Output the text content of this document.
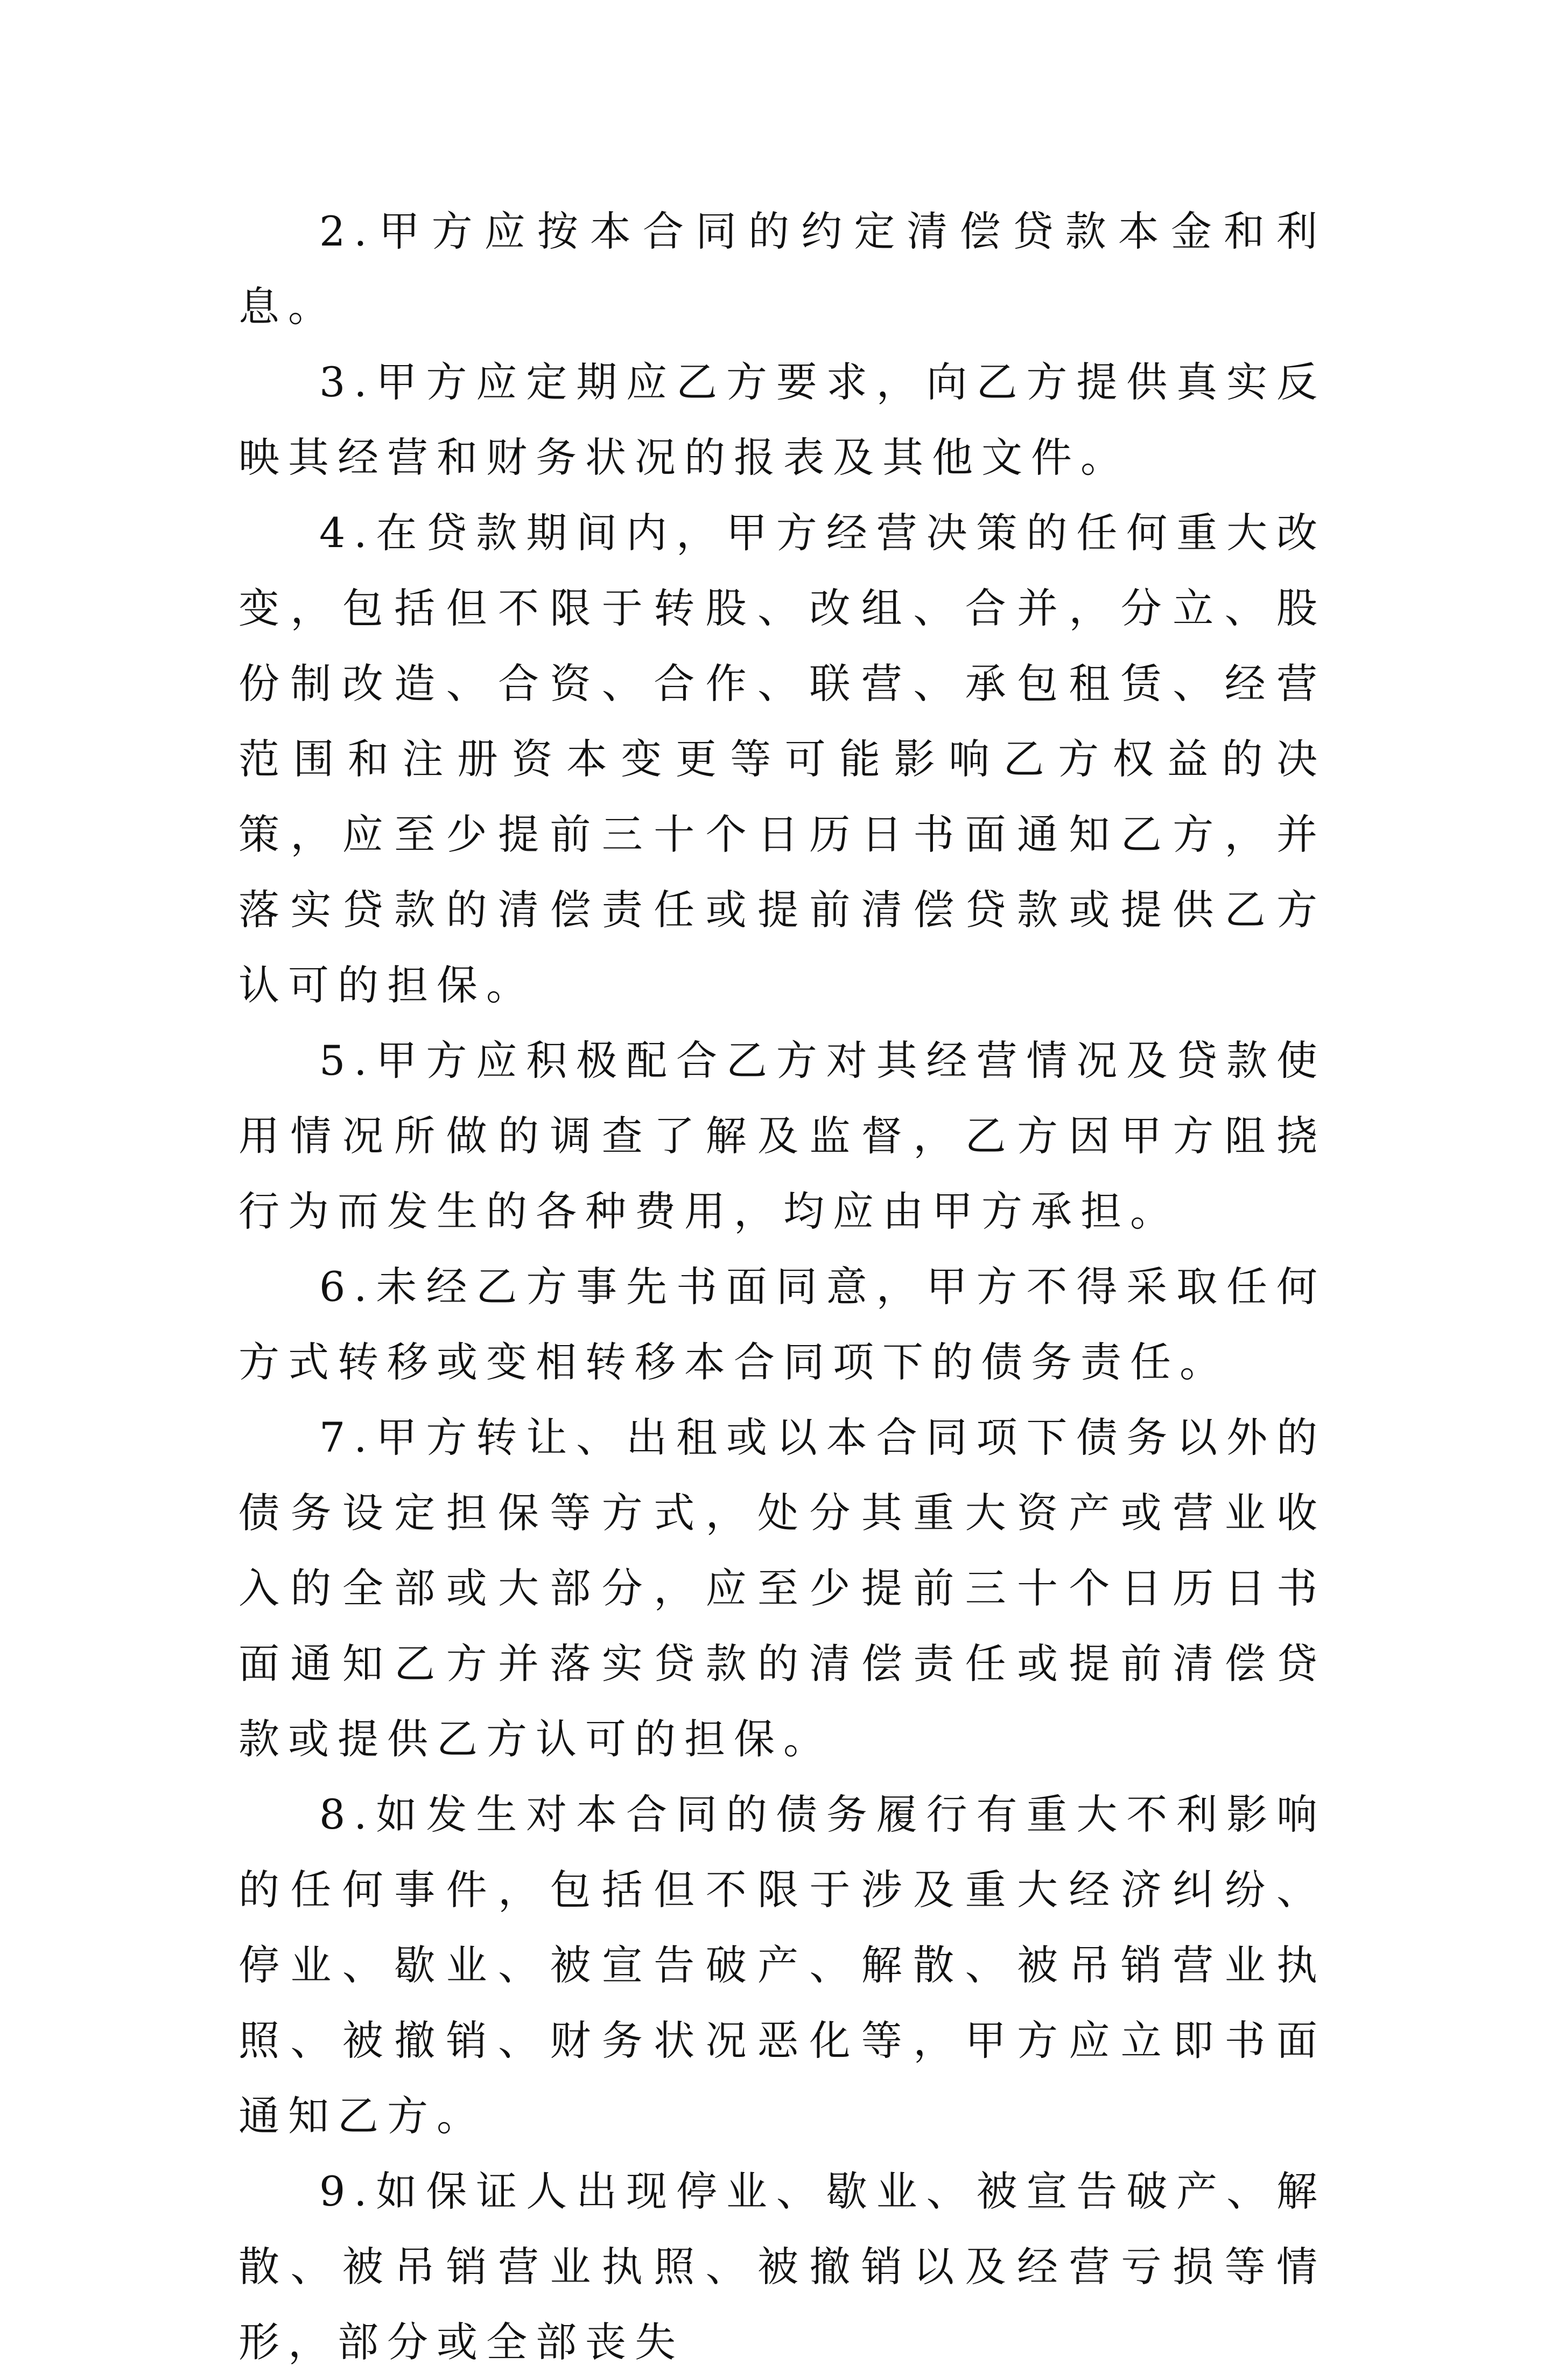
2.甲方应按本合同的约定清偿贷款本金和利息。

3.甲方应定期应乙方要求，向乙方提供真实反映其经营和财务状况的报表及其他文件。

4.在贷款期间内，甲方经营决策的任何重大改变，包括但不限于转股、改组、合并，分立、股份制改造、合资、合作、联营、承包租赁、经营范围和注册资本变更等可能影响乙方权益的决策，应至少提前三十个日历日书面通知乙方，并落实贷款的清偿责任或提前清偿贷款或提供乙方认可的担保。

5.甲方应积极配合乙方对其经营情况及贷款使用情况所做的调查了解及监督，乙方因甲方阻挠行为而发生的各种费用，均应由甲方承担。

6.未经乙方事先书面同意，甲方不得采取任何方式转移或变相转移本合同项下的债务责任。

7.甲方转让、出租或以本合同项下债务以外的债务设定担保等方式，处分其重大资产或营业收入的全部或大部分，应至少提前三十个日历日书面通知乙方并落实贷款的清偿责任或提前清偿贷款或提供乙方认可的担保。

8.如发生对本合同的债务履行有重大不利影响的任何事件，包括但不限于涉及重大经济纠纷、停业、歇业、被宣告破产、解散、被吊销营业执照、被撤销、财务状况恶化等，甲方应立即书面通知乙方。

9.如保证人出现停业、歇业、被宣告破产、解散、被吊销营业执照、被撤销以及经营亏损等情形，部分或全部丧失
